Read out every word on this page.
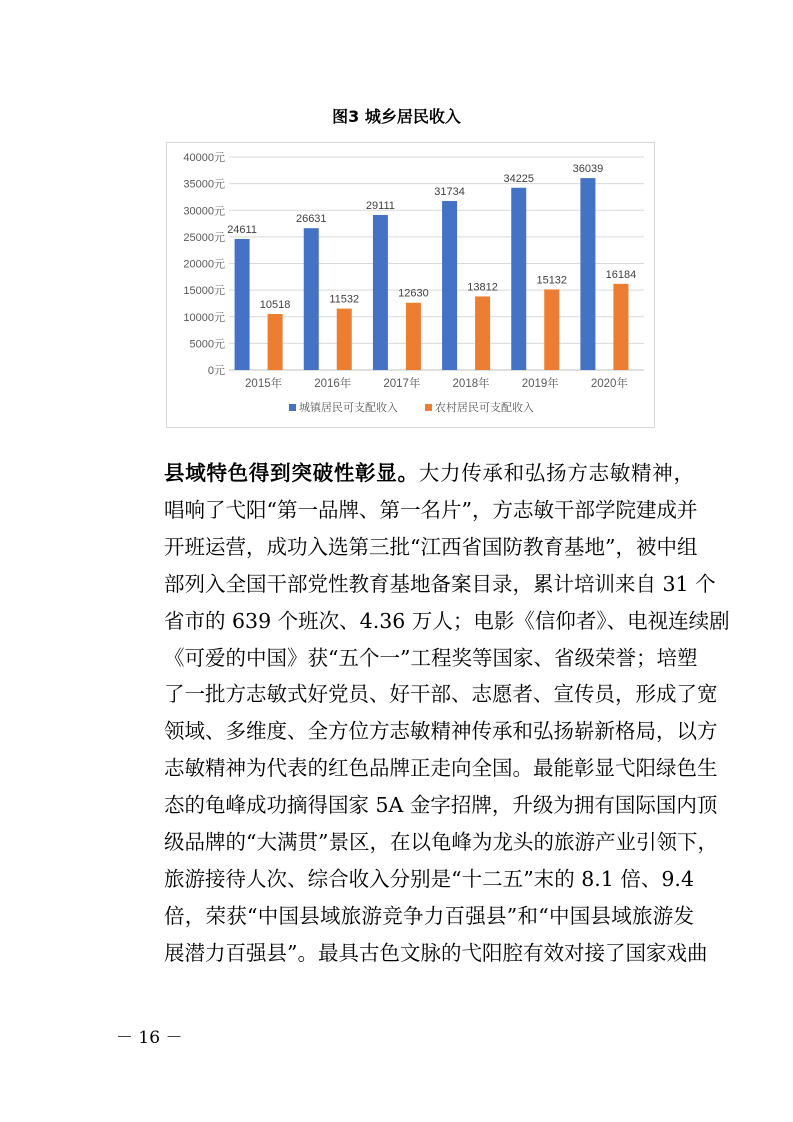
图3 城乡居民收入
0元
5000元
10000元
15000元
20000元
25000元
30000元
35000元
40000元
24611
10518
2015年
26631
11532
2016年
29111
12630
2017年
31734
13812
2018年
34225
15132
2019年
36039
16184
2020年
城镇居民可支配收入	农村居民可支配收入
县域特色得到突破性彰显。大力传承和弘扬方志敏精神，
唱响了弋阳“第一品牌、第一名片”，方志敏干部学院建成并
开班运营，成功入选第三批“江西省国防教育基地”，被中组
部列入全国干部党性教育基地备案目录，累计培训来自 31 个
省市的 639 个班次、4.36 万人；电影《信仰者》、电视连续剧
《可爱的中国》获“五个一”工程奖等国家、省级荣誉；培塑
了一批方志敏式好党员、好干部、志愿者、宣传员，形成了宽
领域、多维度、全方位方志敏精神传承和弘扬崭新格局，以方
志敏精神为代表的红色品牌正走向全国。最能彰显弋阳绿色生
态的龟峰成功摘得国家 5A 金字招牌，升级为拥有国际国内顶
级品牌的“大满贯”景区，在以龟峰为龙头的旅游产业引领下，
旅游接待人次、综合收入分别是“十二五”末的 8.1 倍、9.4
倍，荣获“中国县域旅游竞争力百强县”和“中国县域旅游发
展潜力百强县”。最具古色文脉的弋阳腔有效对接了国家戏曲
－ 16 －
